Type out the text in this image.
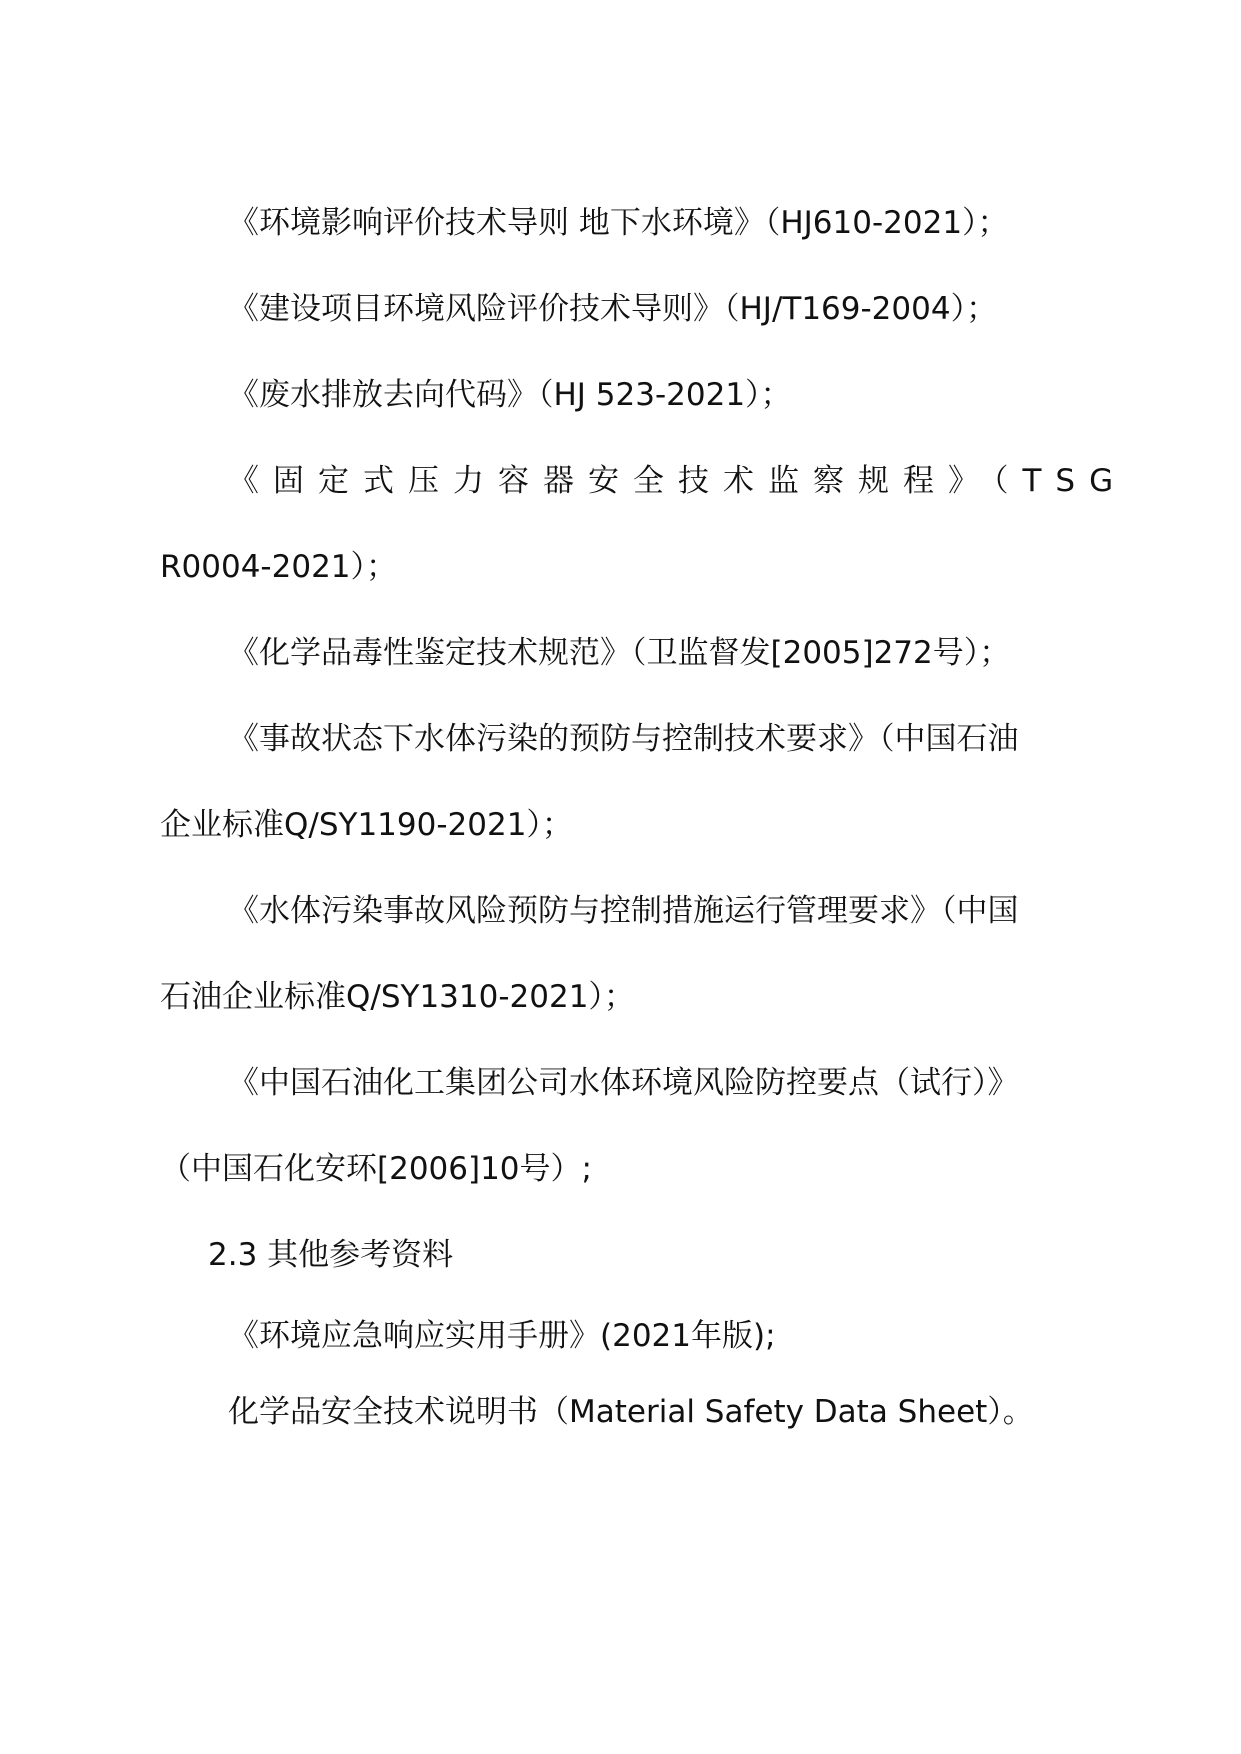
《环境影响评价技术导则 地下水环境》（HJ610-2021）；

《建设项目环境风险评价技术导则》（HJ/T169-2004）；

《废水排放去向代码》（HJ 523-2021）；

《固定式压力容器安全技术监察规程》（TSG

R0004-2021）；

《化学品毒性鉴定技术规范》（卫监督发[2005]272号）；

《事故状态下水体污染的预防与控制技术要求》（中国石油

企业标准Q/SY1190-2021）；

《水体污染事故风险预防与控制措施运行管理要求》（中国

石油企业标准Q/SY1310-2021）；

《中国石油化工集团公司水体环境风险防控要点（试行）》

（中国石化安环[2006]10号）;

2.3 其他参考资料

《环境应急响应实用手册》(2021年版);

化学品安全技术说明书（Material Safety Data Sheet）。
